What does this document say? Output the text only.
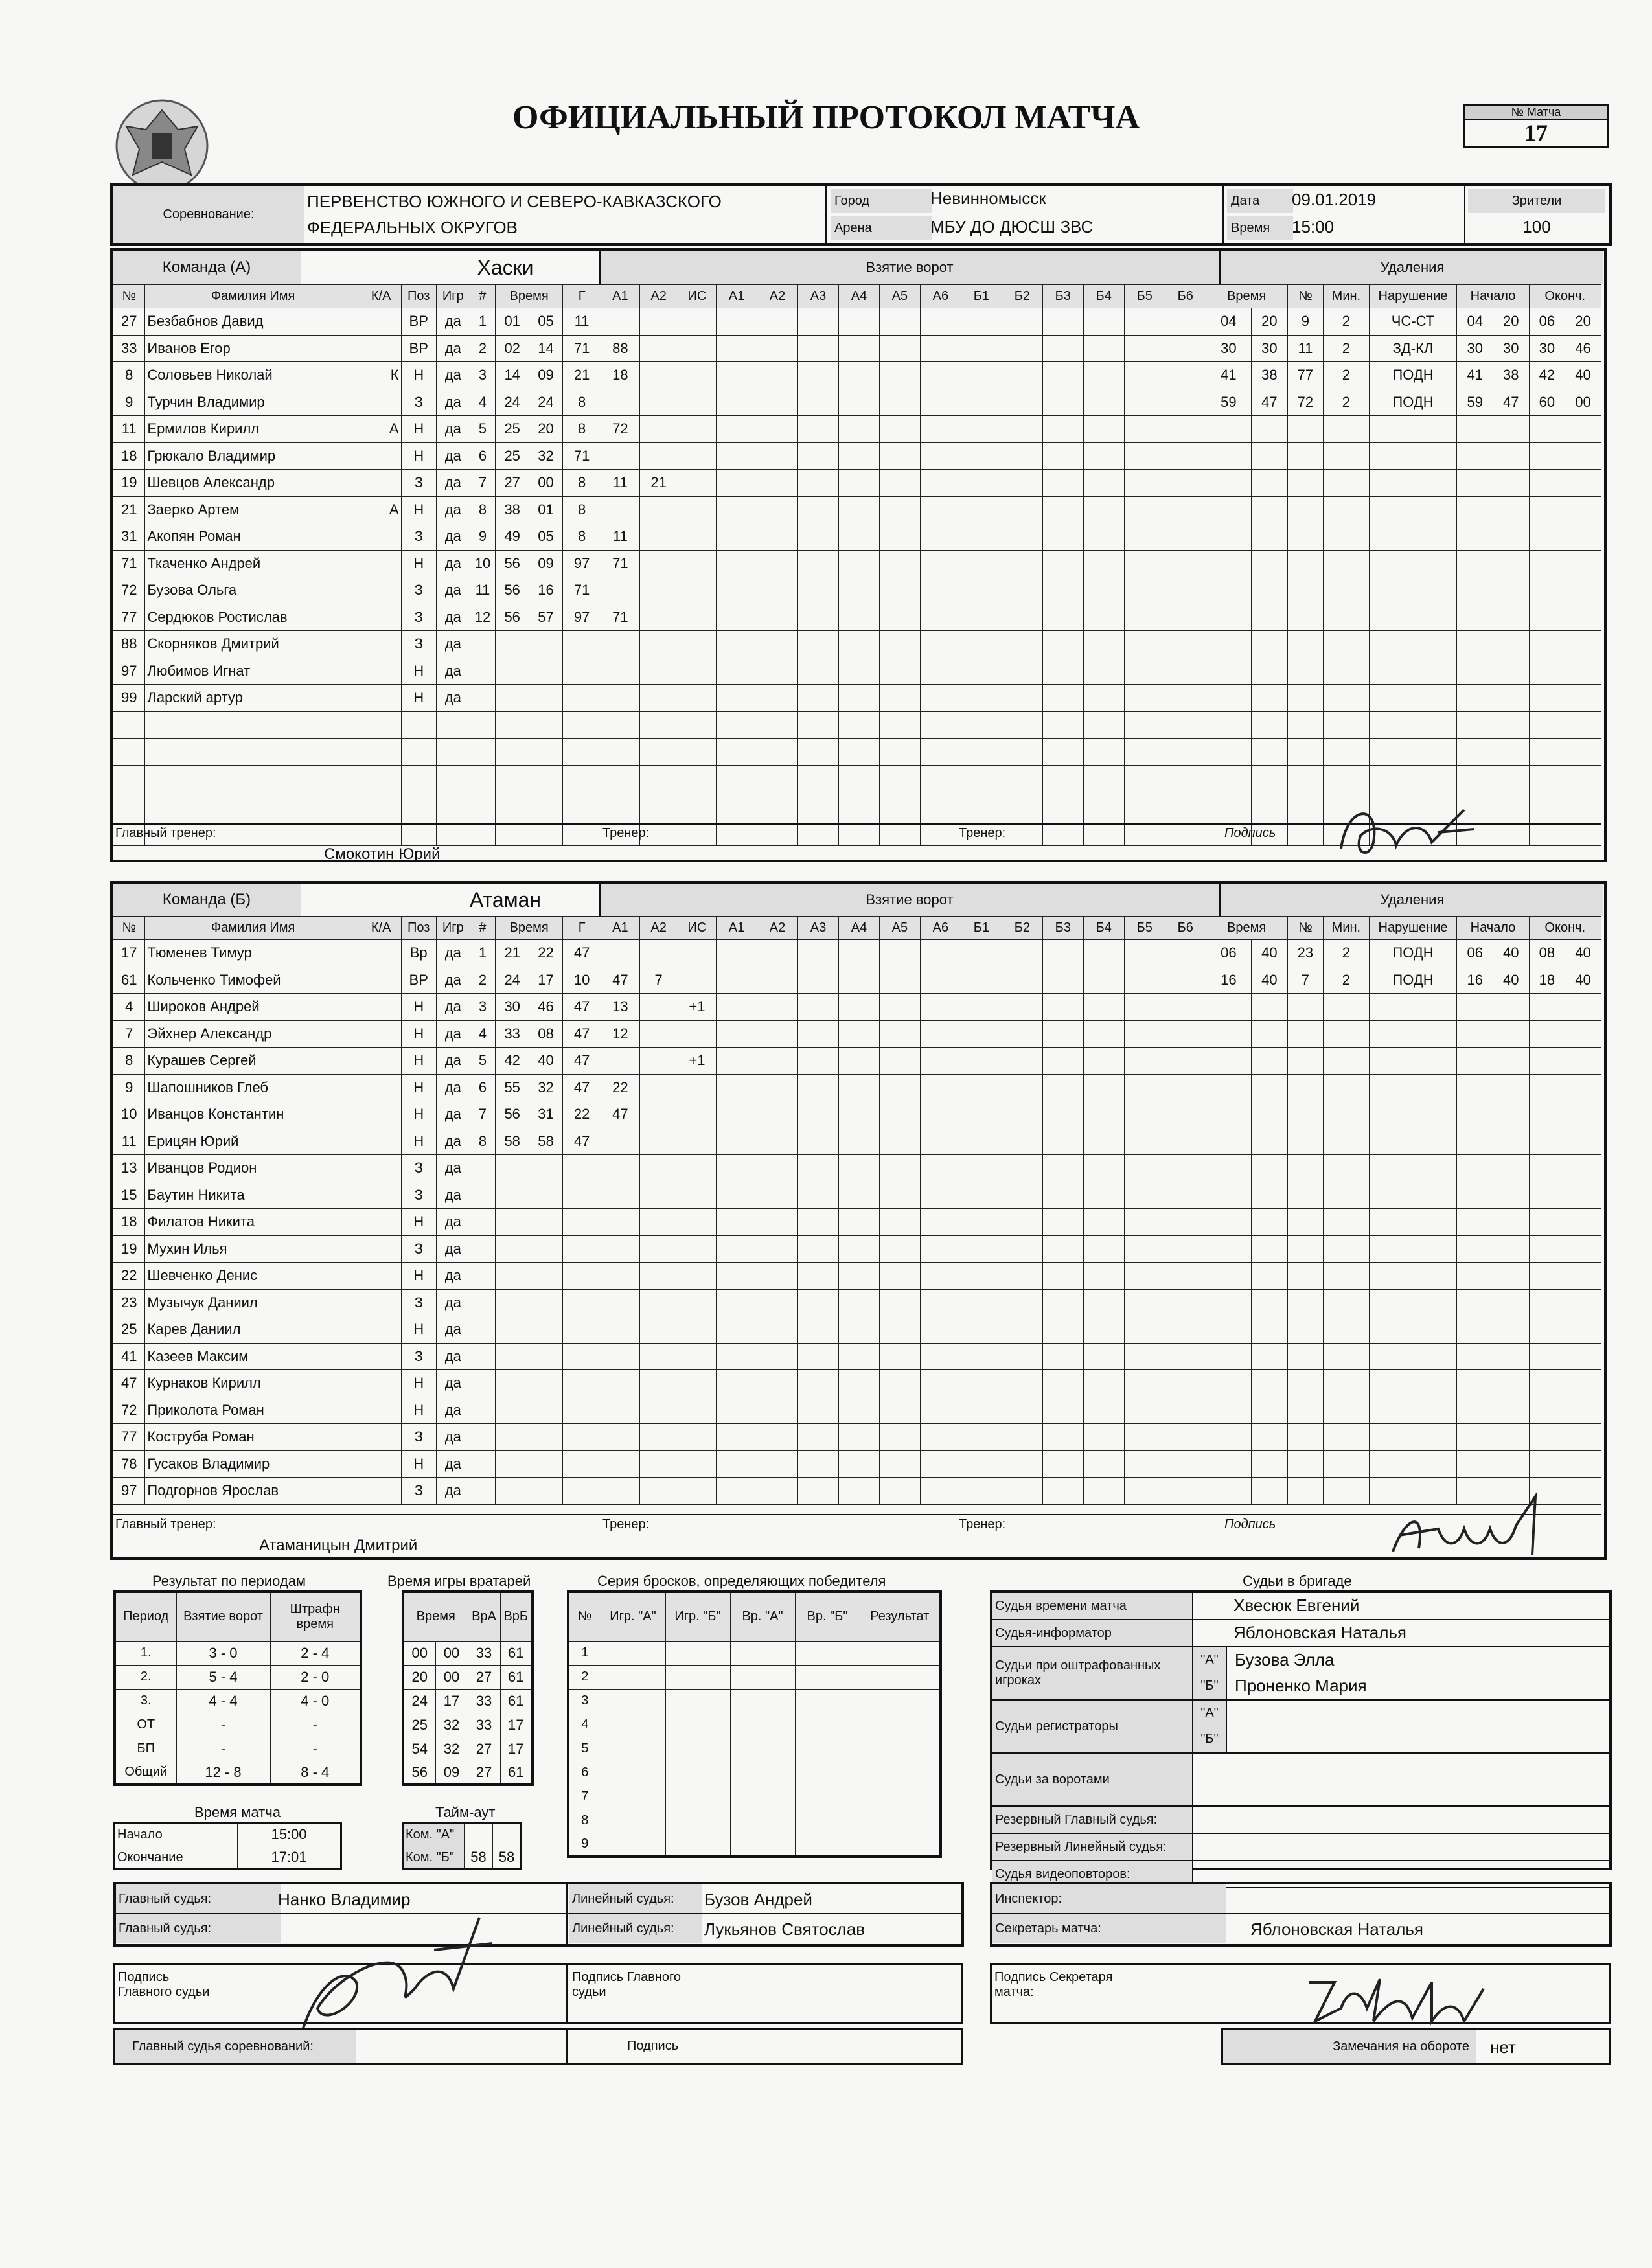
ОФИЦИАЛЬНЫЙ ПРОТОКОЛ МАТЧА	№ Матча
17
Соревнование:
ПЕРВЕНСТВО ЮЖНОГО И СЕВЕРО-КАВКАЗСКОГО
ФЕДЕРАЛЬНЫХ ОКРУГОВ
Город	Невинномысск
Арена	МБУ ДО ДЮСШ ЗВС
Дата	09.01.2019
Время	15:00
Зрители
100
Команда (А)	Хаски	Взятие ворот	Удаления
№	Фамилия Имя	К/А	Поз	Игр	#	Время		Г	А1	А2	ИС	А1	А2	А3	А4	А5	А6	Б1	Б2	Б3	Б4	Б5	Б6	Время		№	Мин.	Нарушение	Начало		Оконч.	
27	Безбабнов Давид		ВР	да	1	01	05	11																04	20	9	2	ЧС-СТ	04	20	06	20
33	Иванов Егор		ВР	да	2	02	14	71	88															30	30	11	2	ЗД-КЛ	30	30	30	46
8	Соловьев Николай	К	Н	да	3	14	09	21	18															41	38	77	2	ПОДН	41	38	42	40
9	Турчин Владимир		З	да	4	24	24	8																59	47	72	2	ПОДН	59	47	60	00
11	Ермилов Кирилл	А	Н	да	5	25	20	8	72																							
18	Грюкало Владимир		Н	да	6	25	32	71																								
19	Шевцов Александр		З	да	7	27	00	8	11	21																						
21	Заерко Артем	А	Н	да	8	38	01	8																								
31	Акопян Роман		З	да	9	49	05	8	11																							
71	Ткаченко Андрей		Н	да	10	56	09	97	71																							
72	Бузова Ольга		З	да	11	56	16	71																								
77	Сердюков Ростислав		З	да	12	56	57	97	71																							
88	Скорняков Дмитрий		З	да																												
97	Любимов Игнат		Н	да																												
99	Ларский артур		Н	да																												

Главный тренер:
Смокотин Юрий
Тренер:	Тренер:	Подпись
Команда (Б)	Атаман	Взятие ворот	Удаления
№	Фамилия Имя	К/А	Поз	Игр	#	Время		Г	А1	А2	ИС	А1	А2	А3	А4	А5	А6	Б1	Б2	Б3	Б4	Б5	Б6	Время		№	Мин.	Нарушение	Начало		Оконч.	
17	Тюменев Тимур		Вр	да	1	21	22	47																06	40	23	2	ПОДН	06	40	08	40
61	Кольченко Тимофей		ВР	да	2	24	17	10	47	7														16	40	7	2	ПОДН	16	40	18	40
4	Широков Андрей		Н	да	3	30	46	47	13		+1																					
7	Эйхнер Александр		Н	да	4	33	08	47	12																							
8	Курашев Сергей		Н	да	5	42	40	47			+1																					
9	Шапошников Глеб		Н	да	6	55	32	47	22																							
10	Иванцов Константин		Н	да	7	56	31	22	47																							
11	Ерицян Юрий		Н	да	8	58	58	47																								
13	Иванцов Родион		З	да																												
15	Баутин Никита		З	да																												
18	Филатов Никита		Н	да																												
19	Мухин Илья		З	да																												
22	Шевченко Денис		Н	да																												
23	Музычук Даниил		З	да																												
25	Карев Даниил		Н	да																												
41	Казеев Максим		З	да																												
47	Курнаков Кирилл		Н	да																												
72	Приколота Роман		Н	да																												
77	Коструба Роман		З	да																												
78	Гусаков Владимир		Н	да																												
97	Подгорнов Ярослав		З	да																												
Главный тренер:
Атаманицын Дмитрий
Тренер:	Тренер:	Подпись
Результат по периодам
Период	Взятие ворот	Штрафн время
1.	3 - 0	2 - 4
2.	5 - 4	2 - 0
3.	4 - 4	4 - 0
ОТ	-	-
БП	-	-
Общий	12 - 8	8 - 4
Время матча
Начало	15:00
Окончание	17:01
Время игры вратарей
Время		ВрА	ВрБ
00	00	33	61
20	00	27	61
24	17	33	61
25	32	33	17
54	32	27	17
56	09	27	61
Тайм-аут
Ком. "А"		
Ком. "Б"	58	58
Серия бросков, определяющих победителя
№	Игр. "А"	Игр. "Б"	Вр. "А"	Вр. "Б"	Результат
1					
2					
3					
4					
5					
6					
7					
8					
9					
Судьи в бригаде
Судья времени матча	Хвесюк Евгений
Судья-информатор	Яблоновская Наталья
Судьи при оштрафованных игроках
"А" Бузова Элла
"Б" Проненко Мария
Судьи регистраторы
"А"
"Б"
Судьи за воротами
Резервный Главный судья:
Резервный Линейный судья:
Судья видеоповторов:
Главный судья:	Нанко Владимир
Главный судья:
Линейный судья:	Бузов Андрей
Линейный судья:	Лукьянов Святослав
Инспектор:
Секретарь матча:	Яблоновская Наталья
Подпись Главного судьи
Подпись Главного судьи
Подпись Секретаря матча:
Главный судья соревнований:	Подпись	Замечания на обороте	нет
